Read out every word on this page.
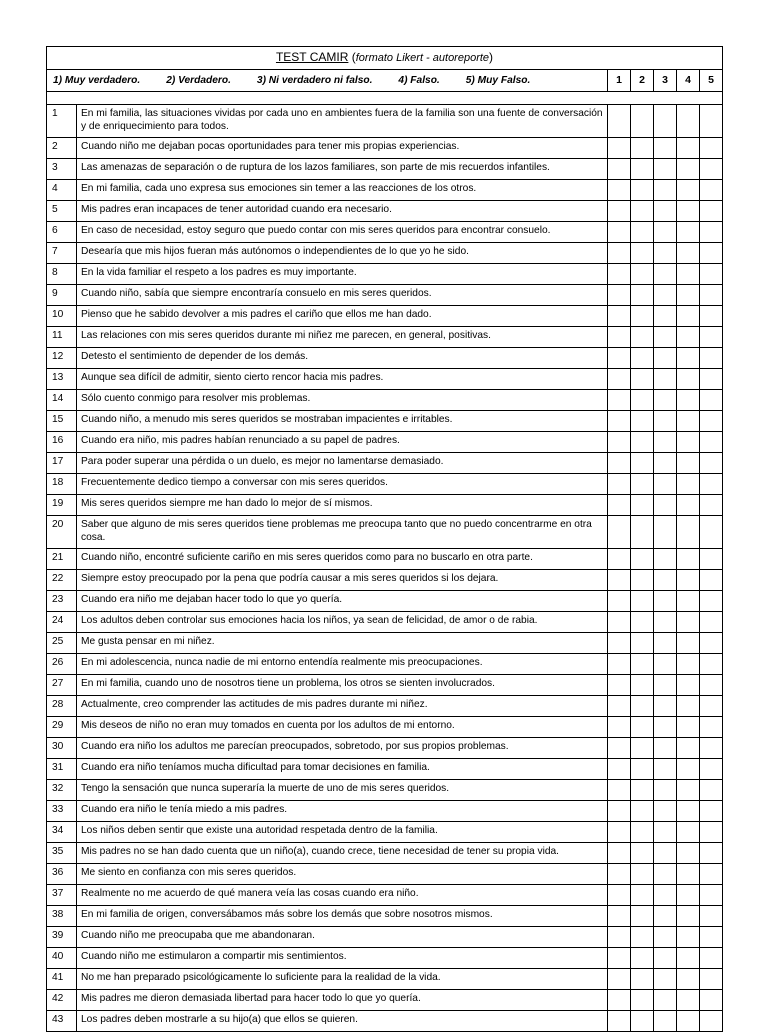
TEST CAMIR (formato Likert - autoreporte)						
1) Muy verdadero. 2) Verdadero. 3) Ni verdadero ni falso. 4) Falso. 5) Muy Falso.		1	2	3	4	5

1	En mi familia, las situaciones vividas por cada uno en ambientes fuera de la familia son una fuente de conversación y de enriquecimiento para todos.					
2	Cuando niño me dejaban pocas oportunidades para tener mis propias experiencias.					
3	Las amenazas de separación o de ruptura de los lazos familiares, son parte de mis recuerdos infantiles.					
4	En mi familia, cada uno expresa sus emociones sin temer a las reacciones de los otros.					
5	Mis padres eran incapaces de tener autoridad cuando era necesario.					
6	En caso de necesidad, estoy seguro que puedo contar con mis seres queridos para encontrar consuelo.					
7	Desearía que mis hijos fueran más autónomos o independientes de lo que yo he sido.					
8	En la vida familiar el respeto a los padres es muy importante.					
9	Cuando niño, sabía que siempre encontraría consuelo en mis seres queridos.					
10	Pienso que he sabido devolver a mis padres el cariño que ellos me han dado.					
11	Las relaciones con mis seres queridos durante mi niñez me parecen, en general, positivas.					
12	Detesto el sentimiento de depender de los demás.					
13	Aunque sea difícil de admitir, siento cierto rencor hacia mis padres.					
14	Sólo cuento conmigo para resolver mis problemas.					
15	Cuando niño, a menudo mis seres queridos se mostraban impacientes e irritables.					
16	Cuando era niño, mis padres habían renunciado a su papel de padres.					
17	Para poder superar una pérdida o un duelo, es mejor no lamentarse demasiado.					
18	Frecuentemente dedico tiempo a conversar con mis seres queridos.					
19	Mis seres queridos siempre me han dado lo mejor de sí mismos.					
20	Saber que alguno de mis seres queridos tiene problemas me preocupa tanto que no puedo concentrarme en otra cosa.					
21	Cuando niño, encontré suficiente cariño en mis seres queridos como para no buscarlo en otra parte.					
22	Siempre estoy preocupado por la pena que podría causar a mis seres queridos si los dejara.					
23	Cuando era niño me dejaban hacer todo lo que yo quería.					
24	Los adultos deben controlar sus emociones hacia los niños, ya sean de felicidad, de amor o de rabia.					
25	Me gusta pensar en mi niñez.					
26	En mi adolescencia, nunca nadie de mi entorno entendía realmente mis preocupaciones.					
27	En mi familia, cuando uno de nosotros tiene un problema, los otros se sienten involucrados.					
28	Actualmente, creo comprender las actitudes de mis padres durante mi niñez.					
29	Mis deseos de niño no eran muy tomados en cuenta por los adultos de mi entorno.					
30	Cuando era niño los adultos me parecían preocupados, sobretodo, por sus propios problemas.					
31	Cuando era niño teníamos mucha dificultad para tomar decisiones en familia.					
32	Tengo la sensación que nunca superaría la muerte de uno de mis seres queridos.					
33	Cuando era niño le tenía miedo a mis padres.					
34	Los niños deben sentir que existe una autoridad respetada dentro de la familia.					
35	Mis padres no se han dado cuenta que un niño(a), cuando crece, tiene necesidad de tener su propia vida.					
36	Me siento en confianza con mis seres queridos.					
37	Realmente no me acuerdo de qué manera veía las cosas cuando era niño.					
38	En mi familia de origen, conversábamos más sobre los demás que sobre nosotros mismos.					
39	Cuando niño me preocupaba que me abandonaran.					
40	Cuando niño me estimularon a compartir mis sentimientos.					
41	No me han preparado psicológicamente lo suficiente para la realidad de la vida.					
42	Mis padres me dieron demasiada libertad para hacer todo lo que yo quería.					
43	Los padres deben mostrarle a su hijo(a) que ellos se quieren.					
